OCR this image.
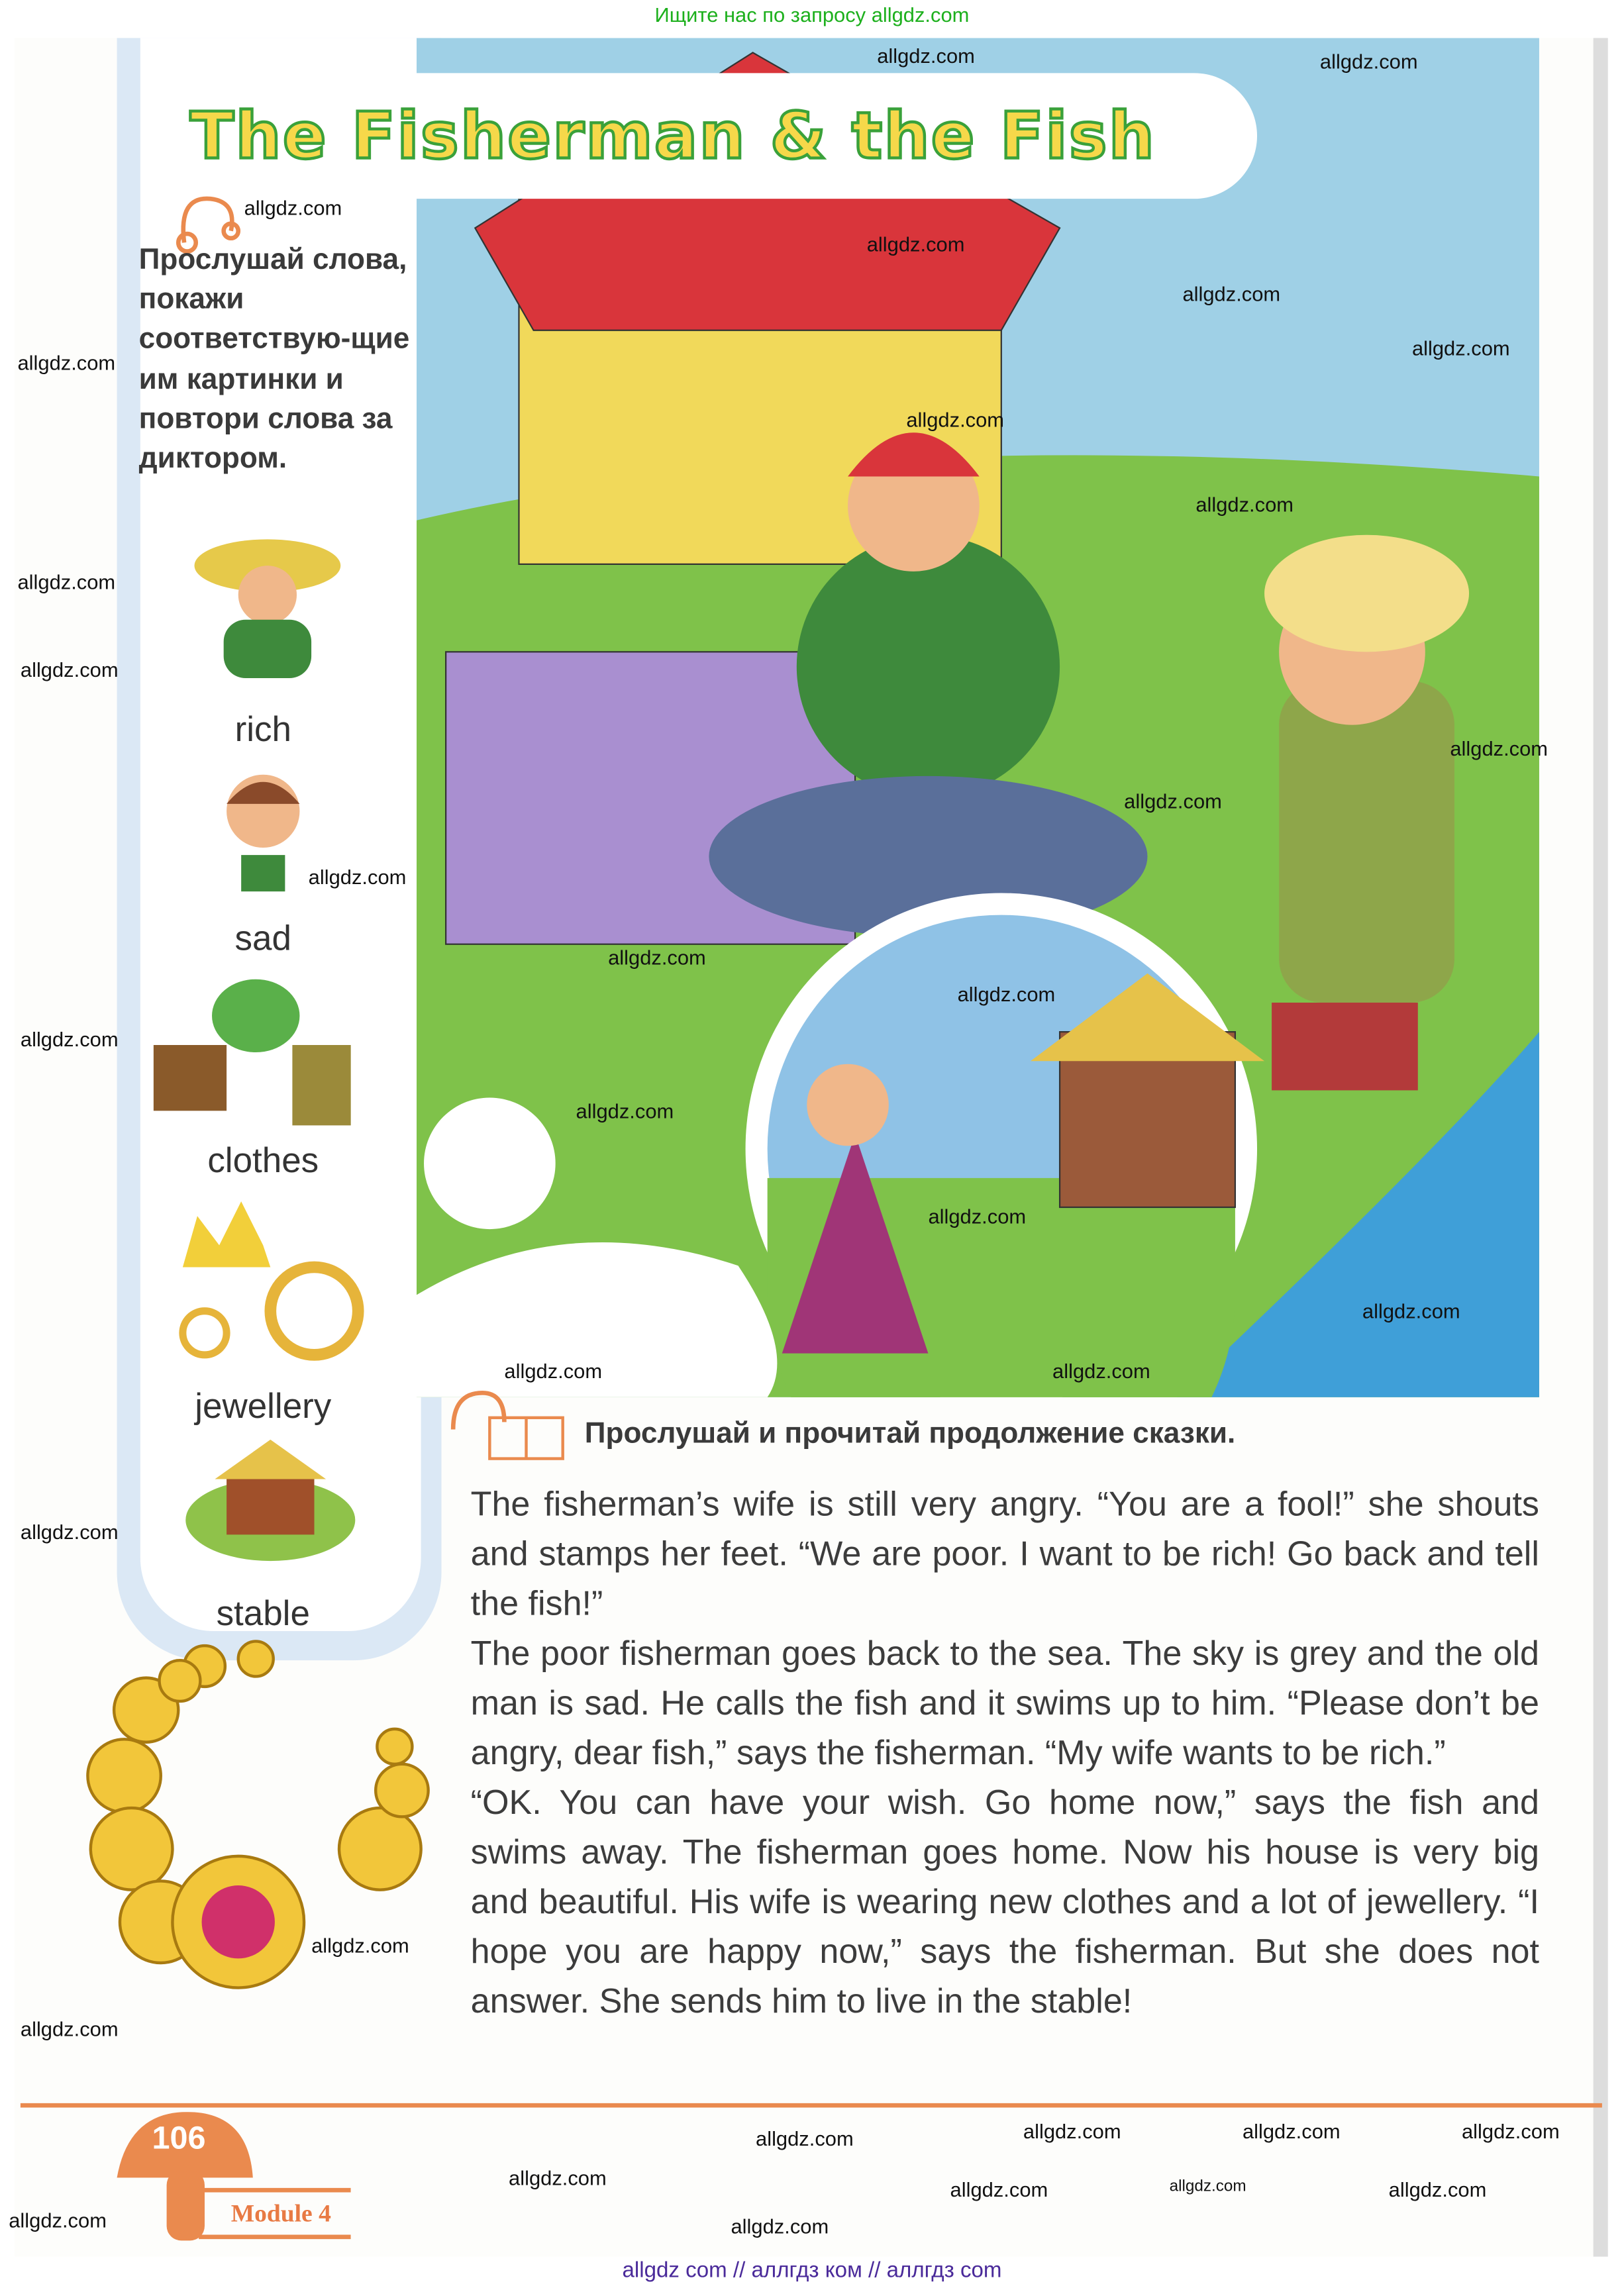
Ищите нас по запросу allgdz.com
The Fisherman & the Fish
Прослушай слова, покажи соответствую-щие им картинки и повтори слова за диктором.
rich
sad
clothes
jewellery
stable
Прослушай и прочитай продолжение сказки.

The fisherman’s wife is still very angry. “You are a fool!” she shouts and stamps her feet. “We are poor. I want to be rich! Go back and tell the fish!”

The poor fisherman goes back to the sea. The sky is grey and the old man is sad. He calls the fish and it swims up to him. “Please don’t be angry, dear fish,” says the fisherman. “My wife wants to be rich.”

“OK. You can have your wish. Go home now,” says the fish and swims away. The fisherman goes home. Now his house is very big and beautiful. His wife is wearing new clothes and a lot of jewellery. “I hope you are happy now,” says the fisherman. But she does not answer. She sends him to live in the stable!

106
Module 4
allgdz com // аллгдз ком // аллгдз com
allgdz.com
allgdz.com
allgdz.com
allgdz.com
allgdz.com
allgdz.com
allgdz.com
allgdz.com
allgdz.com
allgdz.com
allgdz.com
allgdz.com
allgdz.com
allgdz.com
allgdz.com
allgdz.com
allgdz.com
allgdz.com
allgdz.com
allgdz.com
allgdz.com	allgdz.com
allgdz.com
allgdz.com	allgdz.com	allgdz.com
allgdz.com	allgdz.com
allgdz.com
allgdz.com
allgdz.com
allgdz.com
allgdz.com
allgdz.com
allgdz.com
